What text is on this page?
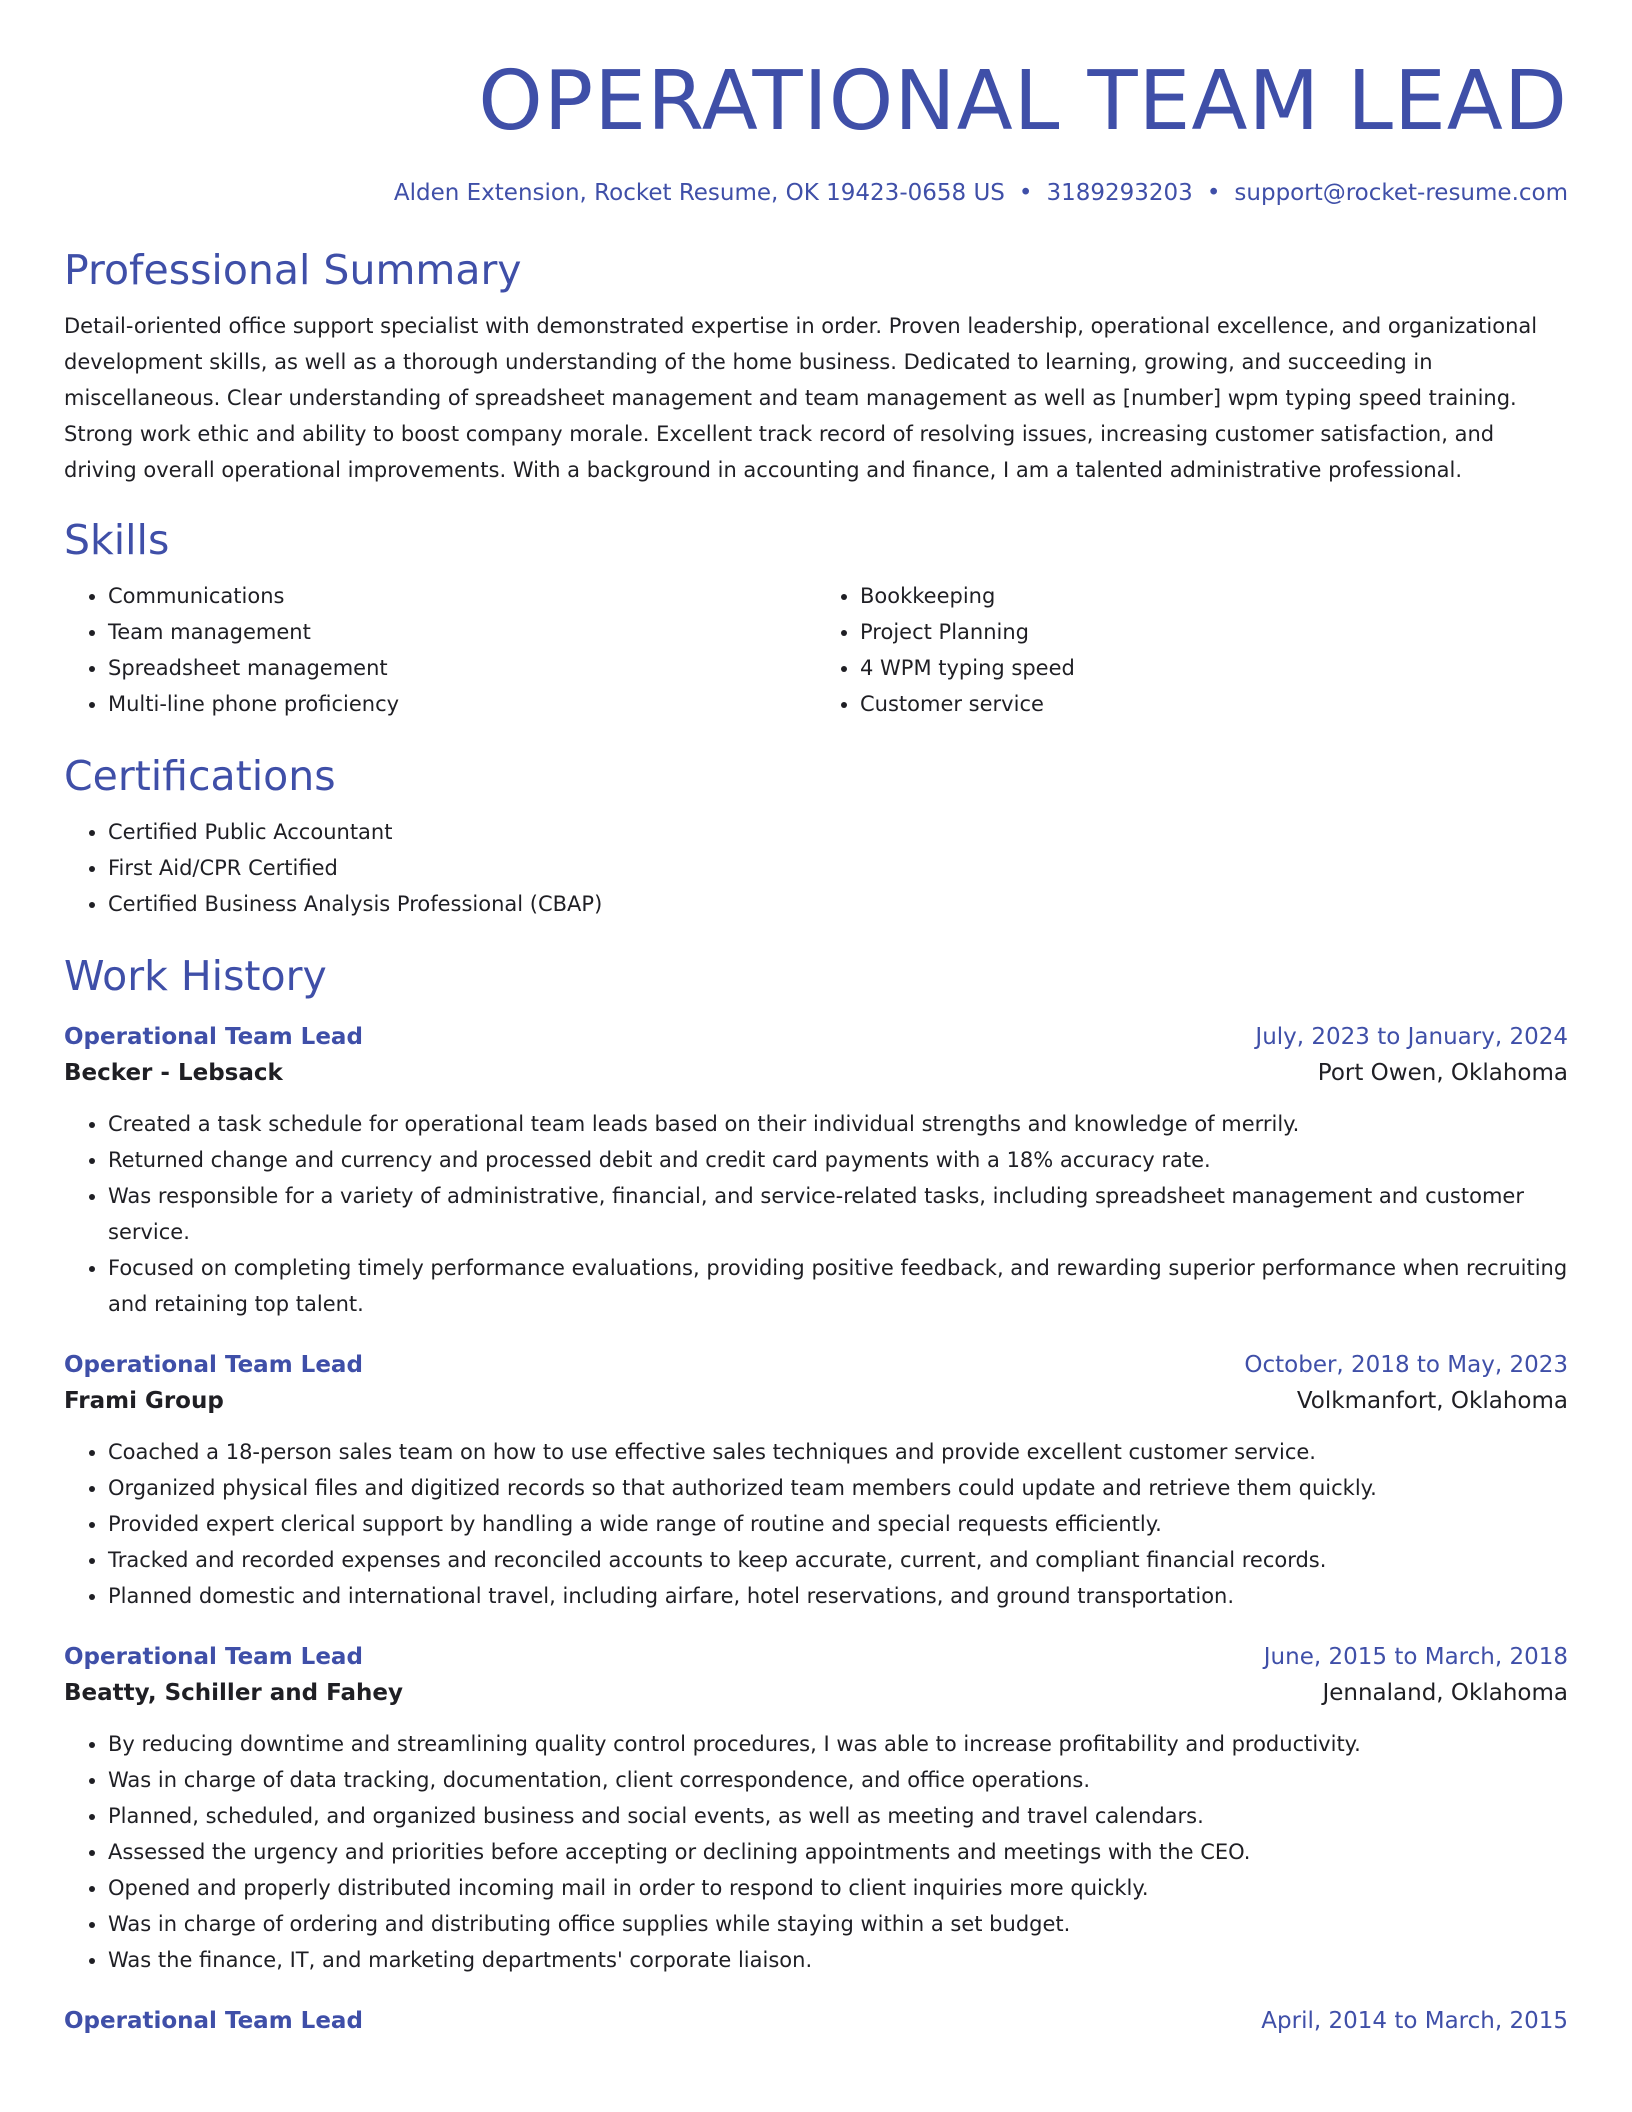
OPERATIONAL TEAM LEAD
Alden Extension, Rocket Resume, OK 19423-0658 US • 3189293203 • support@rocket-resume.com
Professional Summary

Detail-oriented office support specialist with demonstrated expertise in order. Proven leadership, operational excellence, and organizational development skills, as well as a thorough understanding of the home business. Dedicated to learning, growing, and succeeding in miscellaneous. Clear understanding of spreadsheet management and team management as well as [number] wpm typing speed training. Strong work ethic and ability to boost company morale. Excellent track record of resolving issues, increasing customer satisfaction, and driving overall operational improvements. With a background in accounting and finance, I am a talented administrative professional.

Skills
• Communications
• Team management
• Spreadsheet management
• Multi-line phone proficiency
• Bookkeeping
• Project Planning
• 4 WPM typing speed
• Customer service
Certifications
• Certified Public Accountant
• First Aid/CPR Certified
• Certified Business Analysis Professional (CBAP)
Work History
Operational Team Lead	July, 2023 to January, 2024
Becker - Lebsack	Port Owen, Oklahoma
• Created a task schedule for operational team leads based on their individual strengths and knowledge of merrily.
• Returned change and currency and processed debit and credit card payments with a 18% accuracy rate.
• Was responsible for a variety of administrative, financial, and service-related tasks, including spreadsheet management and customer service.
• Focused on completing timely performance evaluations, providing positive feedback, and rewarding superior performance when recruiting and retaining top talent.
Operational Team Lead	October, 2018 to May, 2023
Frami Group	Volkmanfort, Oklahoma
• Coached a 18-person sales team on how to use effective sales techniques and provide excellent customer service.
• Organized physical files and digitized records so that authorized team members could update and retrieve them quickly.
• Provided expert clerical support by handling a wide range of routine and special requests efficiently.
• Tracked and recorded expenses and reconciled accounts to keep accurate, current, and compliant financial records.
• Planned domestic and international travel, including airfare, hotel reservations, and ground transportation.
Operational Team Lead	June, 2015 to March, 2018
Beatty, Schiller and Fahey	Jennaland, Oklahoma
• By reducing downtime and streamlining quality control procedures, I was able to increase profitability and productivity.
• Was in charge of data tracking, documentation, client correspondence, and office operations.
• Planned, scheduled, and organized business and social events, as well as meeting and travel calendars.
• Assessed the urgency and priorities before accepting or declining appointments and meetings with the CEO.
• Opened and properly distributed incoming mail in order to respond to client inquiries more quickly.
• Was in charge of ordering and distributing office supplies while staying within a set budget.
• Was the finance, IT, and marketing departments' corporate liaison.
Operational Team Lead	April, 2014 to March, 2015
